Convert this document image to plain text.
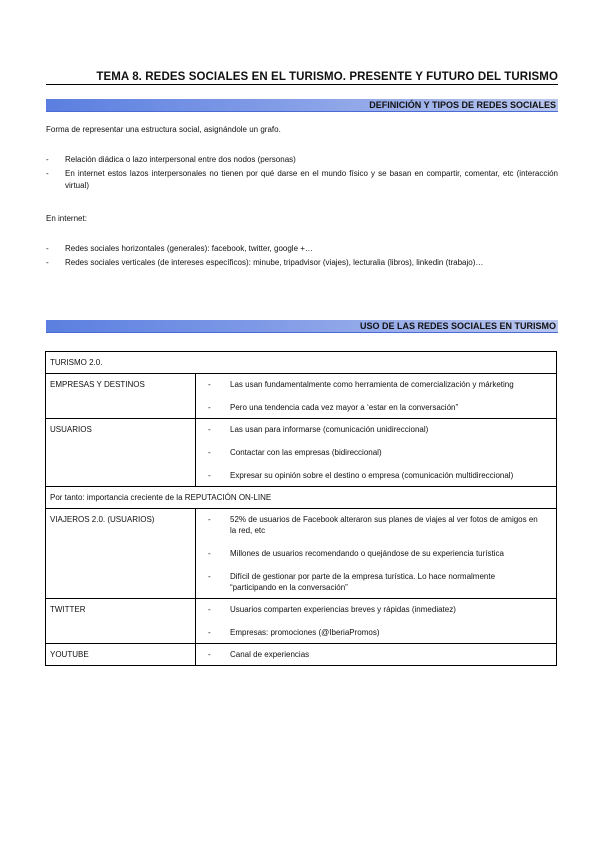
TEMA 8. REDES SOCIALES EN EL TURISMO. PRESENTE Y FUTURO DEL TURISMO
DEFINICIÓN Y TIPOS DE REDES SOCIALES
Forma de representar una estructura social, asignándole un grafo.
- Relación diádica o lazo interpersonal entre dos nodos (personas)
- En internet estos lazos interpersonales no tienen por qué darse en el mundo físico y se basan en compartir, comentar, etc (interacción virtual)
En internet:
- Redes sociales horizontales (generales): facebook, twitter, google +…
- Redes sociales verticales (de intereses específicos): minube, tripadvisor (viajes), lecturalia (libros), linkedin (trabajo)…
USO DE LAS REDES SOCIALES EN TURISMO
TURISMO 2.0.	
EMPRESAS Y DESTINOS	- Las usan fundamentalmente como herramienta de comercialización y márketing
- Pero una tendencia cada vez mayor a ‘estar en la conversación”

USUARIOS	- Las usan para informarse (comunicación unidireccional)
- Contactar con las empresas (bidireccional)
- Expresar su opinión sobre el destino o empresa (comunicación multidireccional)

Por tanto: importancia creciente de la REPUTACIÓN ON-LINE	
VIAJEROS 2.0. (USUARIOS)	- 52% de usuarios de Facebook alteraron sus planes de viajes al ver fotos de amigos en la red, etc
- Millones de usuarios recomendando o quejándose de su experiencia turística
- Difícil de gestionar por parte de la empresa turística. Lo hace normalmente “participando en la conversación”

TWITTER	- Usuarios comparten experiencias breves y rápidas (inmediatez)
- Empresas: promociones (@IberiaPromos)

YOUTUBE	- Canal de experiencias
